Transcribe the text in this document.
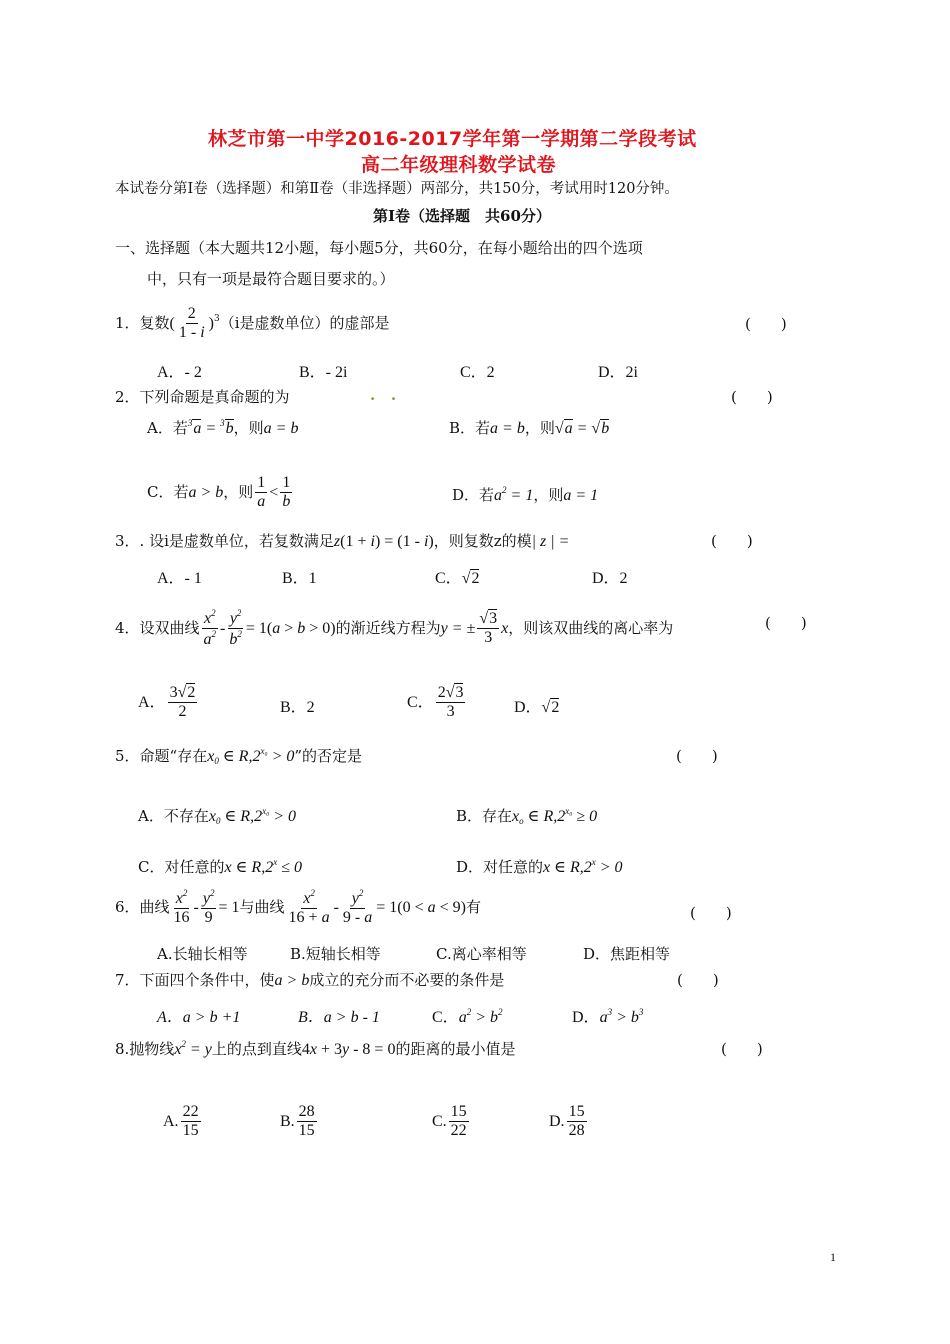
林芝市第一中学2016-2017学年第一学期第二学段考试
高二年级理科数学试卷
本试卷分第Ⅰ卷（选择题）和第Ⅱ卷（非选择题）两部分，共150分，考试用时120分钟。
第Ⅰ卷（选择题　共60分）
一、选择题（本大题共12小题，每小题5分，共60分，在每小题给出的四个选项
中，只有一项是最符合题目要求的。）
1．复数( $\frac{2}{1 - i} )^3(i$是虚数单位）的虚部是	(　　)
A．- 2	B．- 2i	C．2	D．2i
2．下列命题是真命题的为	.   .	(　　)
A．若$^3$a = $^3$b，则a = b	B．若a = b，则√a = √b
C．若a > b，则 $\frac{1}{a} < \frac{1}{b}$	D．若$a^2 = 1$，则a = 1
3．. 设i是虚数单位，若复数满足z(1 + i) = (1 - i)，则复数z的模| z | =	(　　)
A．- 1	B．1	C．√2	D．2
4．设双曲线 $\frac{x^2}{a^2} - \frac{y^2}{b^2} = 1(a > b > 0)$的渐近线方程为y = ± $\frac{√3}{3}$ x，则该双曲线的离心率为	(　　)
A． $\frac{3√2}{2}$	B．2	C． $\frac{2√3}{3}$	D．√2
5．命题“存在$x_0$ ∈ $R,2^{x_0} > 0$”的否定是	(　　)
A．不存在$x_0$ ∈ $R,2^{x_0} > 0$	B．存在$x_o$ ∈ $R,2^{x_0} \ge 0$
C．对任意的x ∈ $R,2^x \le 0$	D．对任意的x ∈ $R,2^x > 0$
6．曲线 $\frac{x^2}{16} - \frac{y^2}{9} = 1$与曲线 $\frac{x^2}{16 + a} - \frac{y^2}{9 - a} = 1(0 < a < 9)$有	(　　)
A.长轴长相等	B.短轴长相等	C.离心率相等	D．焦距相等
7．下面四个条件中，使a > b成立的充分而不必要的条件是	(　　)
A．a > b +1	B．a > b - 1	C．$a^2 > b^2$	D．$a^3 > b^3$
8.抛物线$x^2 = y$上的点到直线4x + 3y - 8 = 0的距离的最小值是	(　　)
A. $\frac{22}{15}$	B. $\frac{28}{15}$	C. $\frac{15}{22}$	D. $\frac{15}{28}$
1
